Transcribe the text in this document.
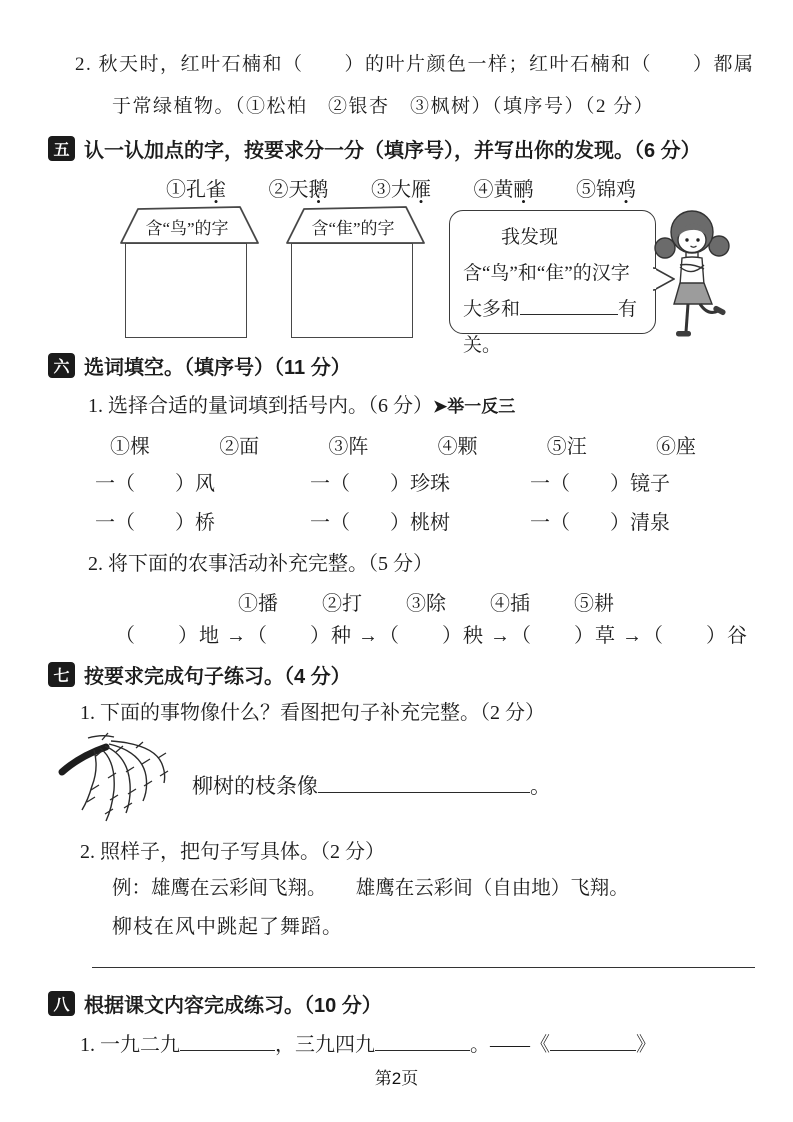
2. 秋天时，红叶石楠和（　　）的叶片颜色一样；红叶石楠和（　　）都属
于常绿植物。（①松柏　②银杏　③枫树）（填序号）（2 分）
五 认一认加点的字，按要求分一分（填序号），并写出你的发现。（6 分）
①孔雀 ②天鹅 ③大雁 ④黄鹂 ⑤锦鸡
含“鸟”的字	含“隹”的字	我发现含“鸟”和“隹”的汉字大多和	有关。

六 选词填空。（填序号）（11 分）
1. 选择合适的量词填到括号内。（6 分）➤举一反三
①棵	②面	③阵	④颗	⑤汪	⑥座
一（　　）风	一（　　）珍珠	一（　　）镜子
一（　　）桥	一（　　）桃树	一（　　）清泉
2. 将下面的农事活动补充完整。（5 分）
①播 ②打 ③除 ④插 ⑤耕
（　　）地 →（　　）种 →（　　）秧 →（　　）草 →（　　）谷
七 按要求完成句子练习。（4 分）
1. 下面的事物像什么？看图把句子补充完整。（2 分）
柳树的枝条像	。
2. 照样子，把句子写具体。（2 分）
例：雄鹰在云彩间飞翔。　　雄鹰在云彩间（自由地）飞翔。
柳枝在风中跳起了舞蹈。
八 根据课文内容完成练习。（10 分）
1. 一九二九	，三九四九	。——《	》
第2页
